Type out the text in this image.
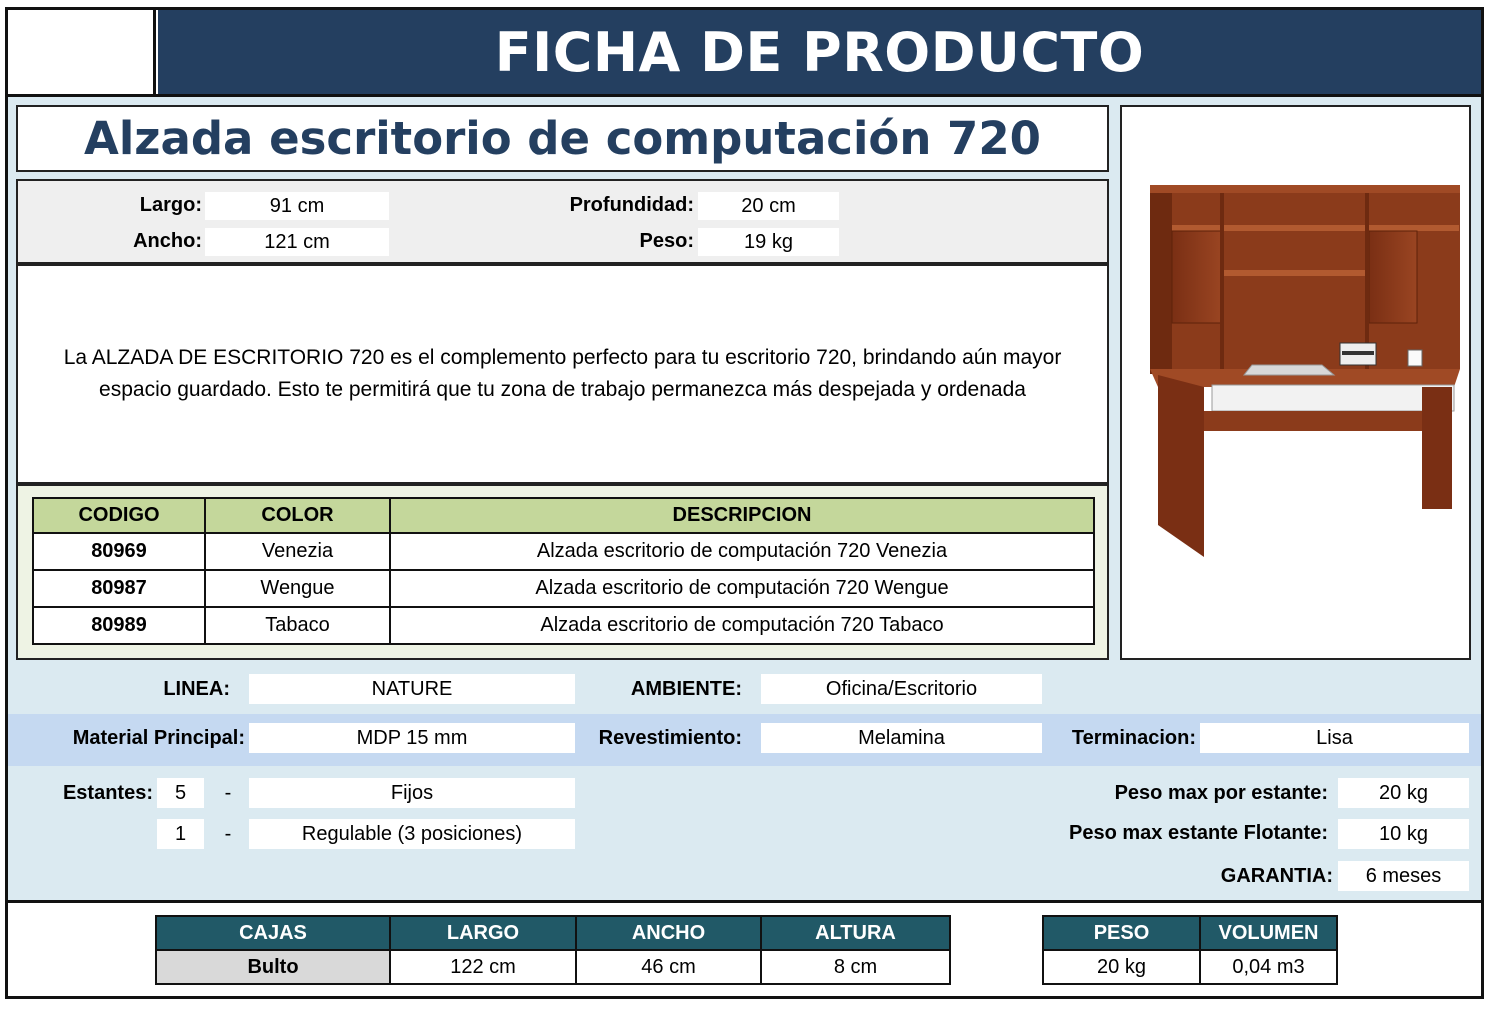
FICHA DE PRODUCTO
Alzada escritorio de computación 720
Largo:	91 cm
Ancho:	121 cm
Profundidad:	20 cm
Peso:	19 kg

La ALZADA DE ESCRITORIO 720 es el complemento perfecto para tu escritorio 720, brindando aún mayor espacio guardado. Esto te permitirá que tu zona de trabajo permanezca más despejada y ordenada

CODIGO	COLOR	DESCRIPCION
80969	Venezia	Alzada escritorio de computación 720 Venezia
80987	Wengue	Alzada escritorio de computación 720 Wengue
80989	Tabaco	Alzada escritorio de computación 720 Tabaco
LINEA:	NATURE	AMBIENTE:	Oficina/Escritorio
Material Principal:	MDP 15 mm	Revestimiento:	Melamina	Terminacion:	Lisa
Estantes:	5	-	Fijos
1	-	Regulable (3 posiciones)
Peso max por estante:	20 kg
Peso max estante Flotante:	10 kg
GARANTIA:	6 meses
CAJAS	LARGO	ANCHO	ALTURA
Bulto	122 cm	46 cm	8 cm
PESO	VOLUMEN
20 kg	0,04 m3
